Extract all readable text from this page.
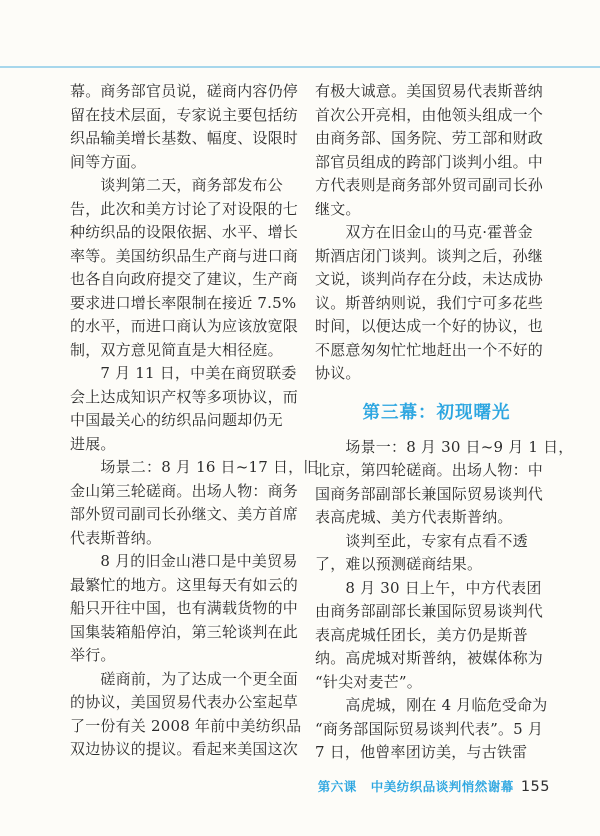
幕。商务部官员说，磋商内容仍停
留在技术层面，专家说主要包括纺
织品输美增长基数、幅度、设限时
间等方面。
　　谈判第二天，商务部发布公
告，此次和美方讨论了对设限的七
种纺织品的设限依据、水平、增长
率等。美国纺织品生产商与进口商
也各自向政府提交了建议，生产商
要求进口增长率限制在接近 7.5%
的水平，而进口商认为应该放宽限
制，双方意见简直是大相径庭。
　　7 月 11 日，中美在商贸联委
会上达成知识产权等多项协议，而
中国最关心的纺织品问题却仍无
进展。
　　场景二：8 月 16 日~17 日，旧
金山第三轮磋商。出场人物：商务
部外贸司副司长孙继文、美方首席
代表斯普纳。
　　8 月的旧金山港口是中美贸易
最繁忙的地方。这里每天有如云的
船只开往中国，也有满载货物的中
国集装箱船停泊，第三轮谈判在此
举行。
　　磋商前，为了达成一个更全面
的协议，美国贸易代表办公室起草
了一份有关 2008 年前中美纺织品
双边协议的提议。看起来美国这次
有极大诚意。美国贸易代表斯普纳
首次公开亮相，由他领头组成一个
由商务部、国务院、劳工部和财政
部官员组成的跨部门谈判小组。中
方代表则是商务部外贸司副司长孙
继文。
　　双方在旧金山的马克·霍普金
斯酒店闭门谈判。谈判之后，孙继
文说，谈判尚存在分歧，未达成协
议。斯普纳则说，我们宁可多花些
时间，以便达成一个好的协议，也
不愿意匆匆忙忙地赶出一个不好的
协议。
第三幕：初现曙光
　　场景一：8 月 30 日~9 月 1 日，
北京，第四轮磋商。出场人物：中
国商务部副部长兼国际贸易谈判代
表高虎城、美方代表斯普纳。
　　谈判至此，专家有点看不透
了，难以预测磋商结果。
　　8 月 30 日上午，中方代表团
由商务部副部长兼国际贸易谈判代
表高虎城任团长，美方仍是斯普
纳。高虎城对斯普纳，被媒体称为
“针尖对麦芒”。
　　高虎城，刚在 4 月临危受命为
“商务部国际贸易谈判代表”。5 月
7 日，他曾率团访美，与古铁雷
第六课 中美纺织品谈判悄然谢幕 155
